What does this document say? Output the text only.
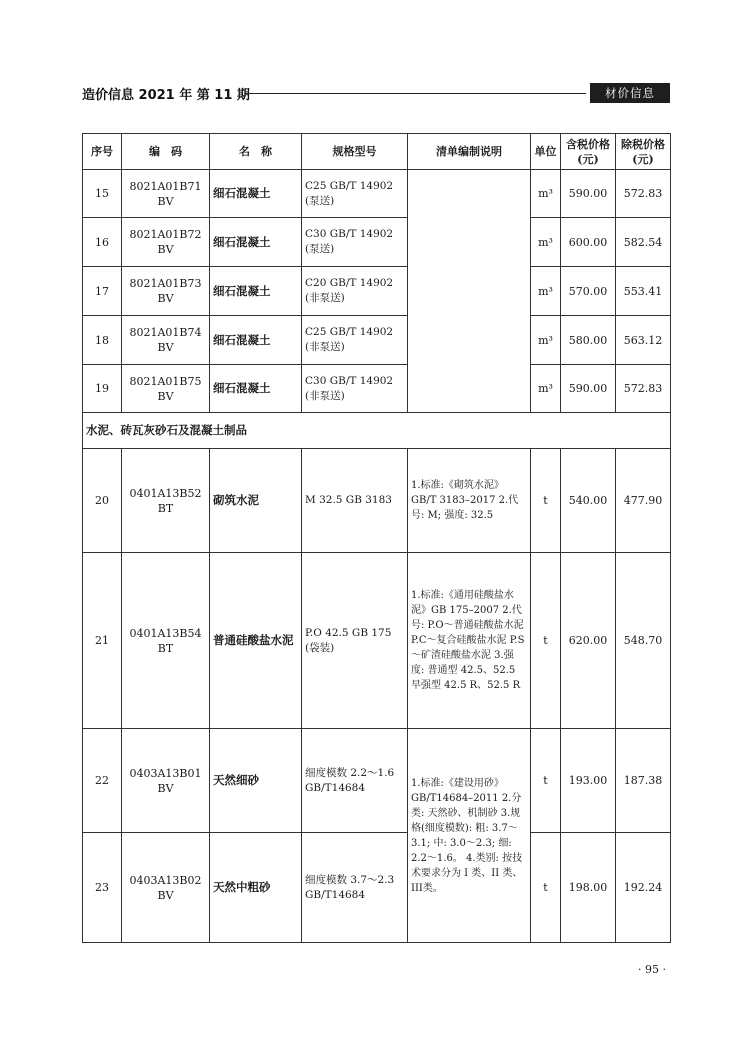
造价信息 2021 年 第 11 期	材价信息
序号	编　码	名　称	规格型号	清单编制说明	单位	含税价格(元)	除税价格(元)
15	8021A01B71 BV	细石混凝土	C25 GB/T 14902 (泵送)		m³	590.00	572.83
16	8021A01B72 BV	细石混凝土	C30 GB/T 14902 (泵送)		m³	600.00	582.54
17	8021A01B73 BV	细石混凝土	C20 GB/T 14902 (非泵送)		m³	570.00	553.41
18	8021A01B74 BV	细石混凝土	C25 GB/T 14902 (非泵送)		m³	580.00	563.12
19	8021A01B75 BV	细石混凝土	C30 GB/T 14902 (非泵送)		m³	590.00	572.83
水泥、砖瓦灰砂石及混凝土制品							
20	0401A13B52 BT	砌筑水泥	M 32.5 GB 3183	1.标准:《砌筑水泥》GB/T 3183–2017 2.代号: M; 强度: 32.5	t	540.00	477.90
21	0401A13B54 BT	普通硅酸盐水泥	P.O 42.5 GB 175 (袋装)	1.标准:《通用硅酸盐水泥》GB 175–2007 2.代号: P.O～普通硅酸盐水泥 P.C～复合硅酸盐水泥 P.S～矿渣硅酸盐水泥 3.强度: 普通型 42.5、52.5 早强型 42.5 R、52.5 R	t	620.00	548.70
22	0403A13B01 BV	天然细砂	细度模数 2.2～1.6 GB/T14684	1.标准:《建设用砂》GB/T14684–2011 2.分类: 天然砂、机制砂 3.规格(细度模数): 粗: 3.7～3.1; 中: 3.0～2.3; 细: 2.2～1.6。 4.类别: 按技术要求分为 I 类、II 类、III类。	t	193.00	187.38
23	0403A13B02 BV	天然中粗砂	细度模数 3.7～2.3 GB/T14684		t	198.00	192.24
· 95 ·
